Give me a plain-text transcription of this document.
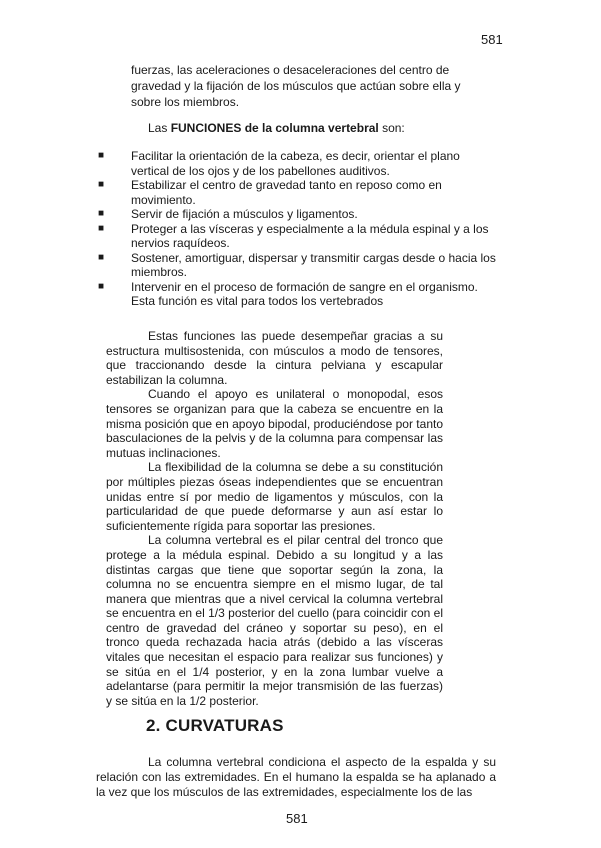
581

fuerzas, las aceleraciones o desaceleraciones del centro de gravedad y la fijación de los músculos que actúan sobre ella y sobre los miembros.

Las FUNCIONES de la columna vertebral son:
■ Facilitar la orientación de la cabeza, es decir, orientar el plano vertical de los ojos y de los pabellones auditivos.
■ Estabilizar el centro de gravedad tanto en reposo como en movimiento.
■ Servir de fijación a músculos y ligamentos.
■ Proteger a las vísceras y especialmente a la médula espinal y a los nervios raquídeos.
■ Sostener, amortiguar, dispersar y transmitir cargas desde o hacia los miembros.
■ Intervenir en el proceso de formación de sangre en el organismo. Esta función es vital para todos los vertebrados

Estas funciones las puede desempeñar gracias a su estructura multisostenida, con músculos a modo de tensores, que traccionando desde la cintura pelviana y escapular estabilizan la columna.

Cuando el apoyo es unilateral o monopodal, esos tensores se organizan para que la cabeza se encuentre en la misma posición que en apoyo bipodal, produciéndose por tanto basculaciones de la pelvis y de la columna para compensar las mutuas inclinaciones.

La flexibilidad de la columna se debe a su constitución por múltiples piezas óseas independientes que se encuentran unidas entre sí por medio de ligamentos y músculos, con la particularidad de que puede deformarse y aun así estar lo suficientemente rígida para soportar las presiones.

La columna vertebral es el pilar central del tronco que protege a la médula espinal. Debido a su longitud y a las distintas cargas que tiene que soportar según la zona, la columna no se encuentra siempre en el mismo lugar, de tal manera que mientras que a nivel cervical la columna vertebral se encuentra en el 1/3 posterior del cuello (para coincidir con el centro de gravedad del cráneo y soportar su peso), en el tronco queda rechazada hacia atrás (debido a las vísceras vitales que necesitan el espacio para realizar sus funciones) y se sitúa en el 1/4 posterior, y en la zona lumbar vuelve a adelantarse (para permitir la mejor transmisión de las fuerzas) y se sitúa en la 1/2 posterior.

2. CURVATURAS

La columna vertebral condiciona el aspecto de la espalda y su relación con las extremidades. En el humano la espalda se ha aplanado a la vez que los músculos de las extremidades, especialmente los de las

581
